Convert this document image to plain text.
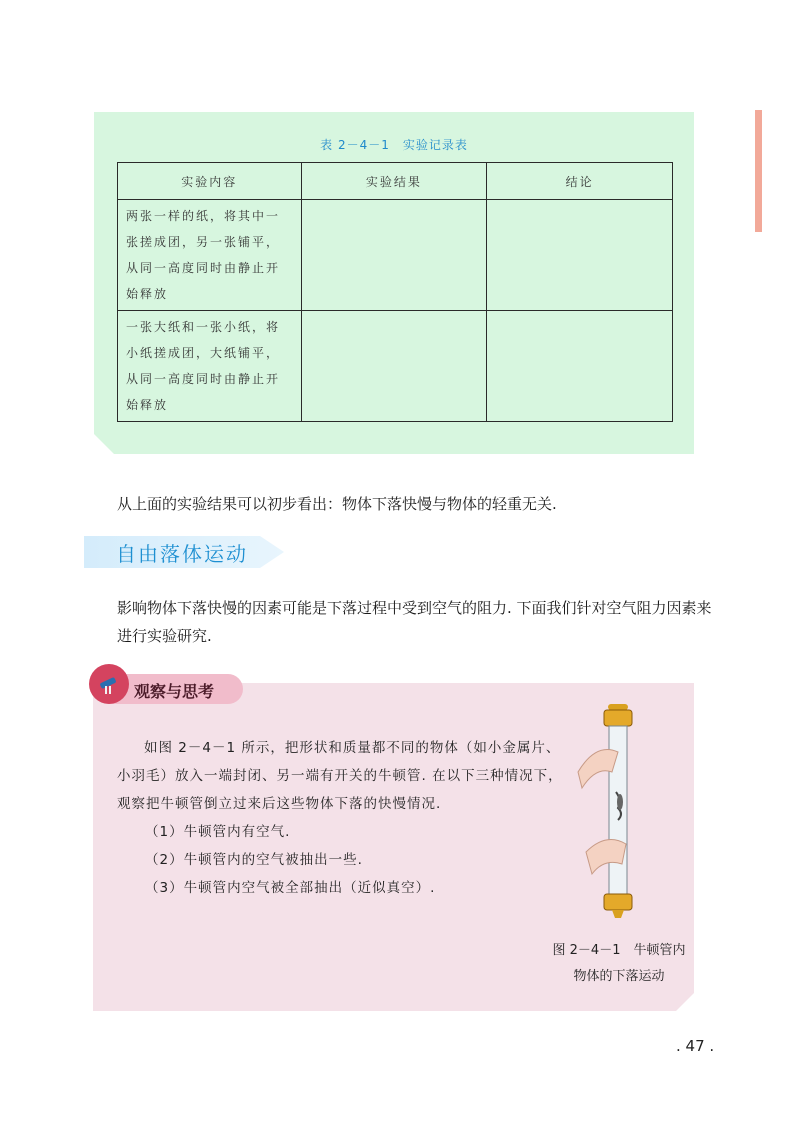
表 2－4－1　实验记录表
实验内容	实验结果	结论
两张一样的纸，将其中一张搓成团，另一张铺平，从同一高度同时由静止开始释放		
一张大纸和一张小纸，将小纸搓成团，大纸铺平，从同一高度同时由静止开始释放		
从上面的实验结果可以初步看出：物体下落快慢与物体的轻重无关.
自由落体运动
影响物体下落快慢的因素可能是下落过程中受到空气的阻力. 下面我们针对空气阻力因素来进行实验研究.
观察与思考
如图 2－4－1 所示，把形状和质量都不同的物体（如小金属片、小羽毛）放入一端封闭、另一端有开关的牛顿管. 在以下三种情况下，观察把牛顿管倒立过来后这些物体下落的快慢情况.
（1）牛顿管内有空气.
（2）牛顿管内的空气被抽出一些.
（3）牛顿管内空气被全部抽出（近似真空）.
图 2－4－1　牛顿管内
物体的下落运动
. 47 .
